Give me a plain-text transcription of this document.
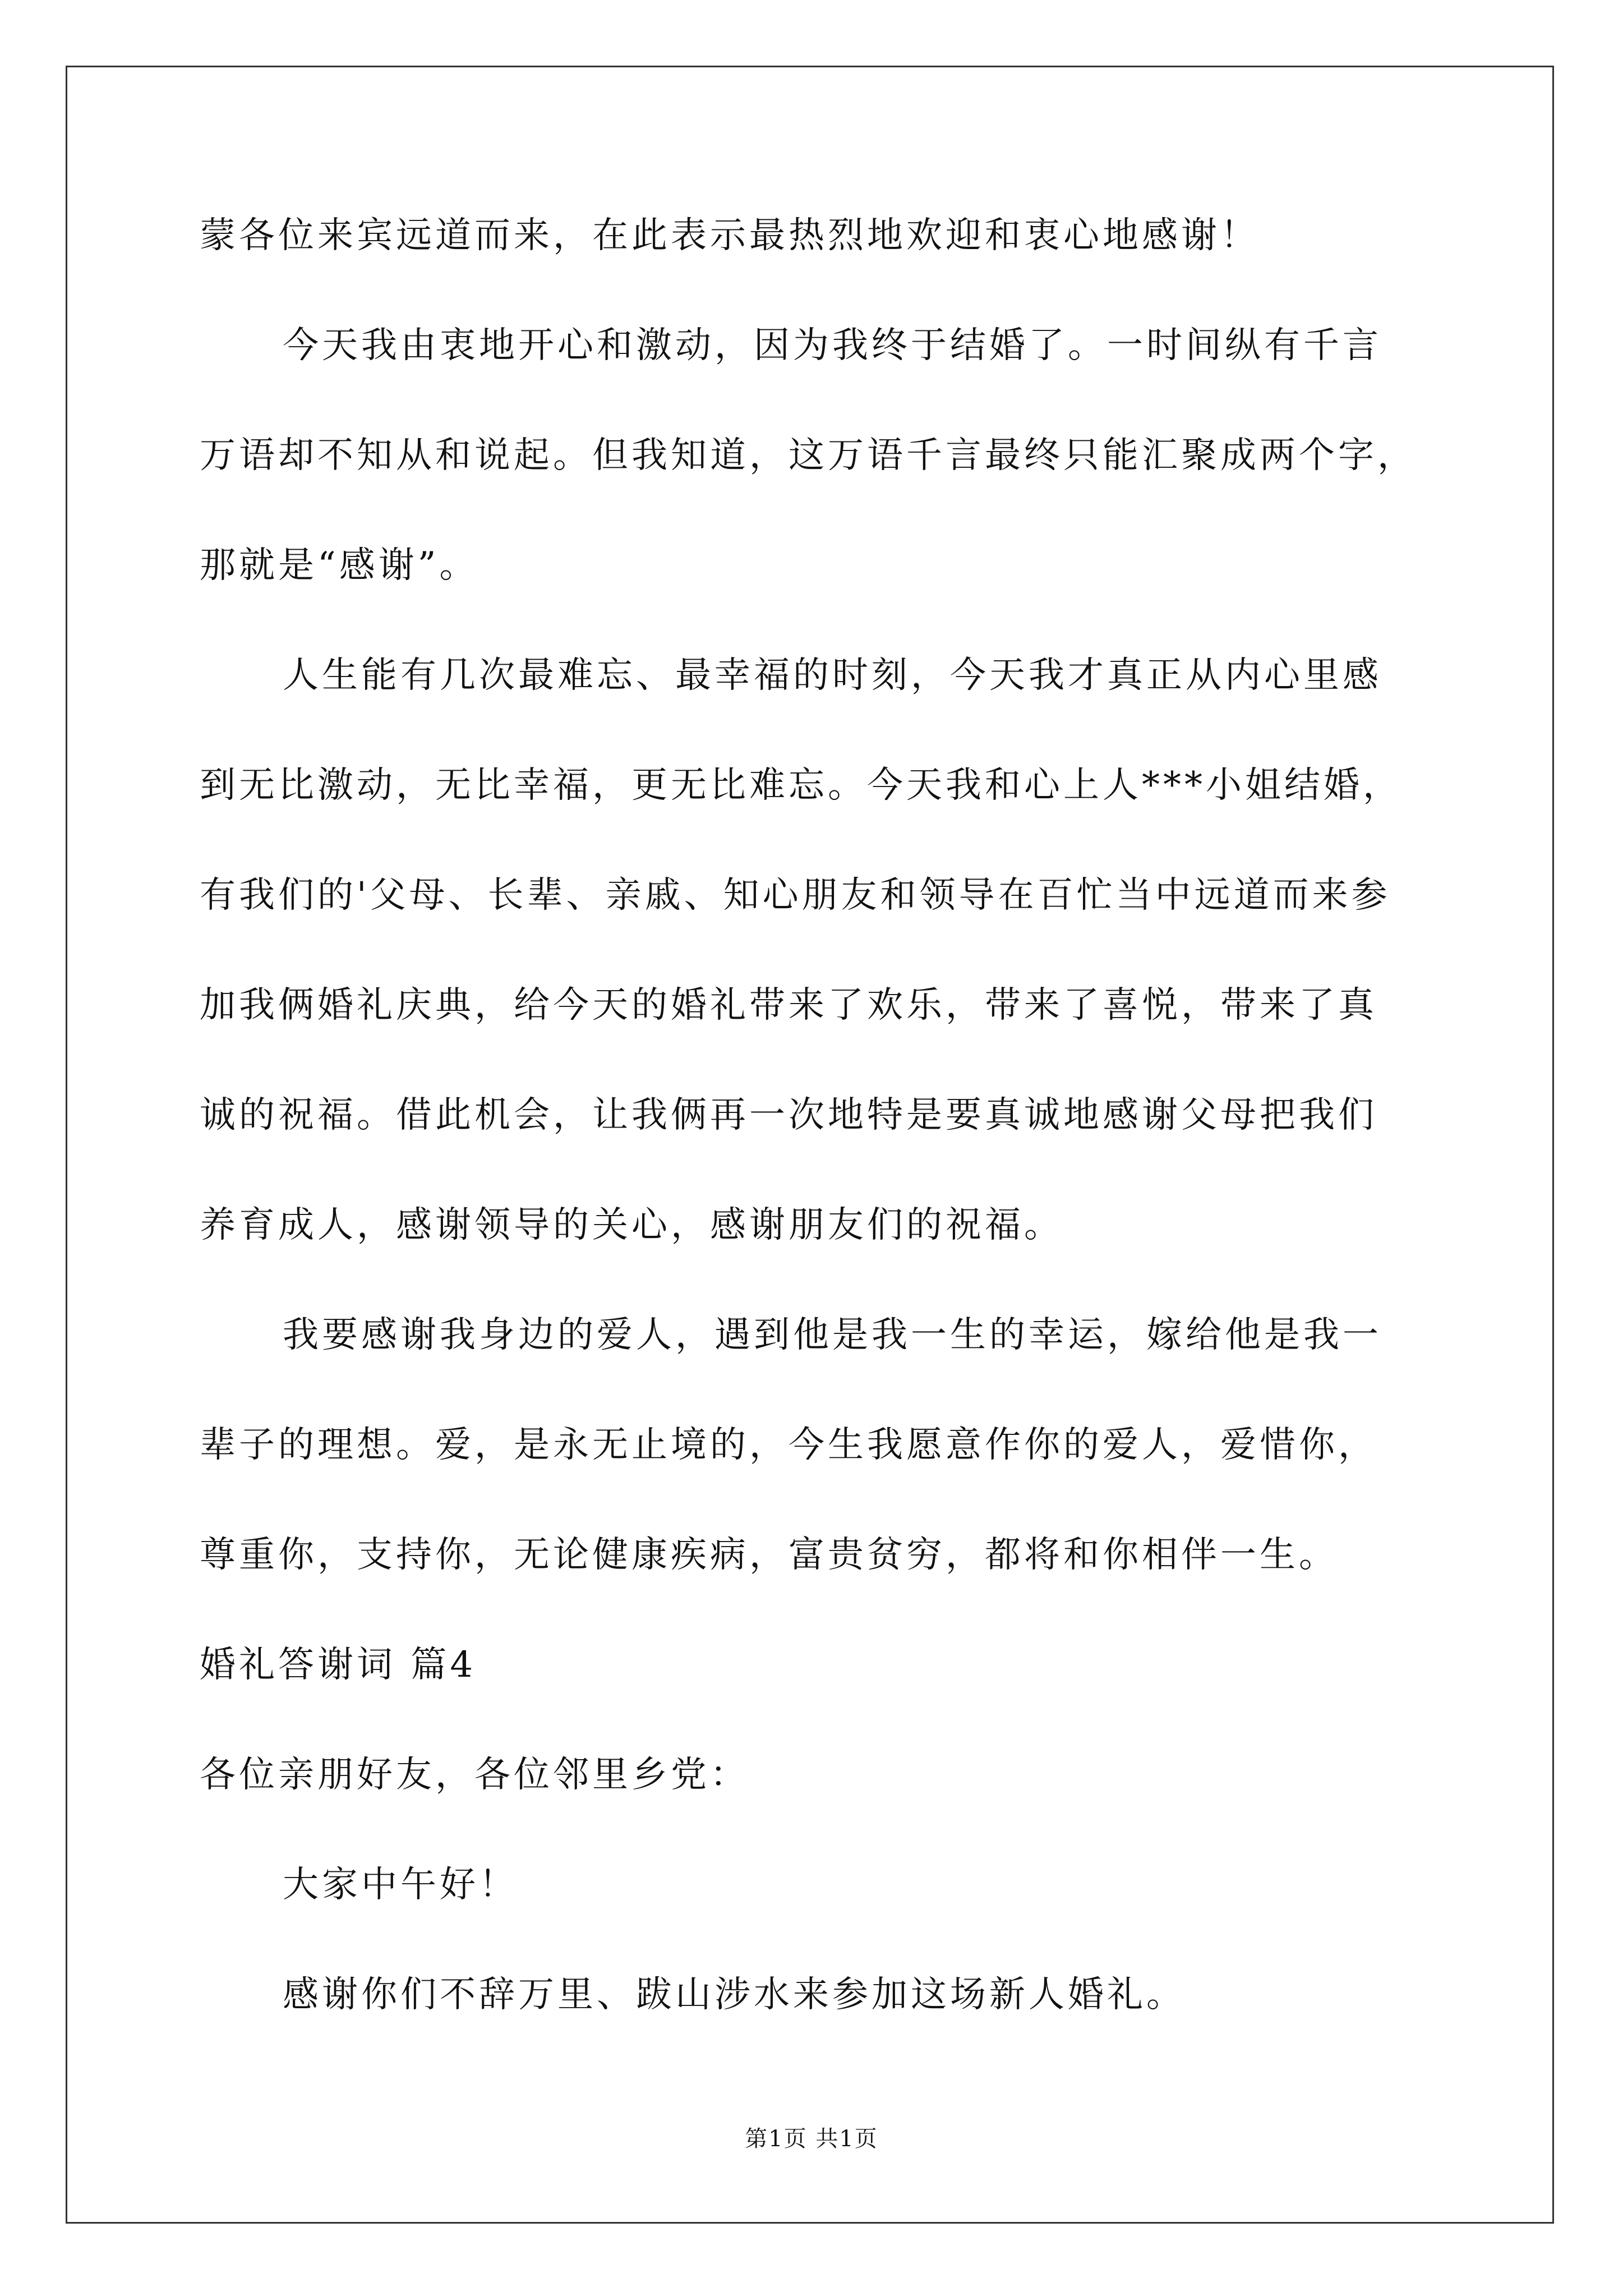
蒙各位来宾远道而来，在此表示最热烈地欢迎和衷心地感谢！
今天我由衷地开心和激动，因为我终于结婚了。一时间纵有千言
万语却不知从和说起。但我知道，这万语千言最终只能汇聚成两个字，
那就是“感谢”。
人生能有几次最难忘、最幸福的时刻，今天我才真正从内心里感
到无比激动，无比幸福，更无比难忘。今天我和心上人***小姐结婚，
有我们的'父母、长辈、亲戚、知心朋友和领导在百忙当中远道而来参
加我俩婚礼庆典，给今天的婚礼带来了欢乐，带来了喜悦，带来了真
诚的祝福。借此机会，让我俩再一次地特是要真诚地感谢父母把我们
养育成人，感谢领导的关心，感谢朋友们的祝福。
我要感谢我身边的爱人，遇到他是我一生的幸运，嫁给他是我一
辈子的理想。爱，是永无止境的，今生我愿意作你的爱人，爱惜你，
尊重你，支持你，无论健康疾病，富贵贫穷，都将和你相伴一生。
婚礼答谢词 篇4
各位亲朋好友，各位邻里乡党：
大家中午好！
感谢你们不辞万里、跋山涉水来参加这场新人婚礼。
第1页 共1页
